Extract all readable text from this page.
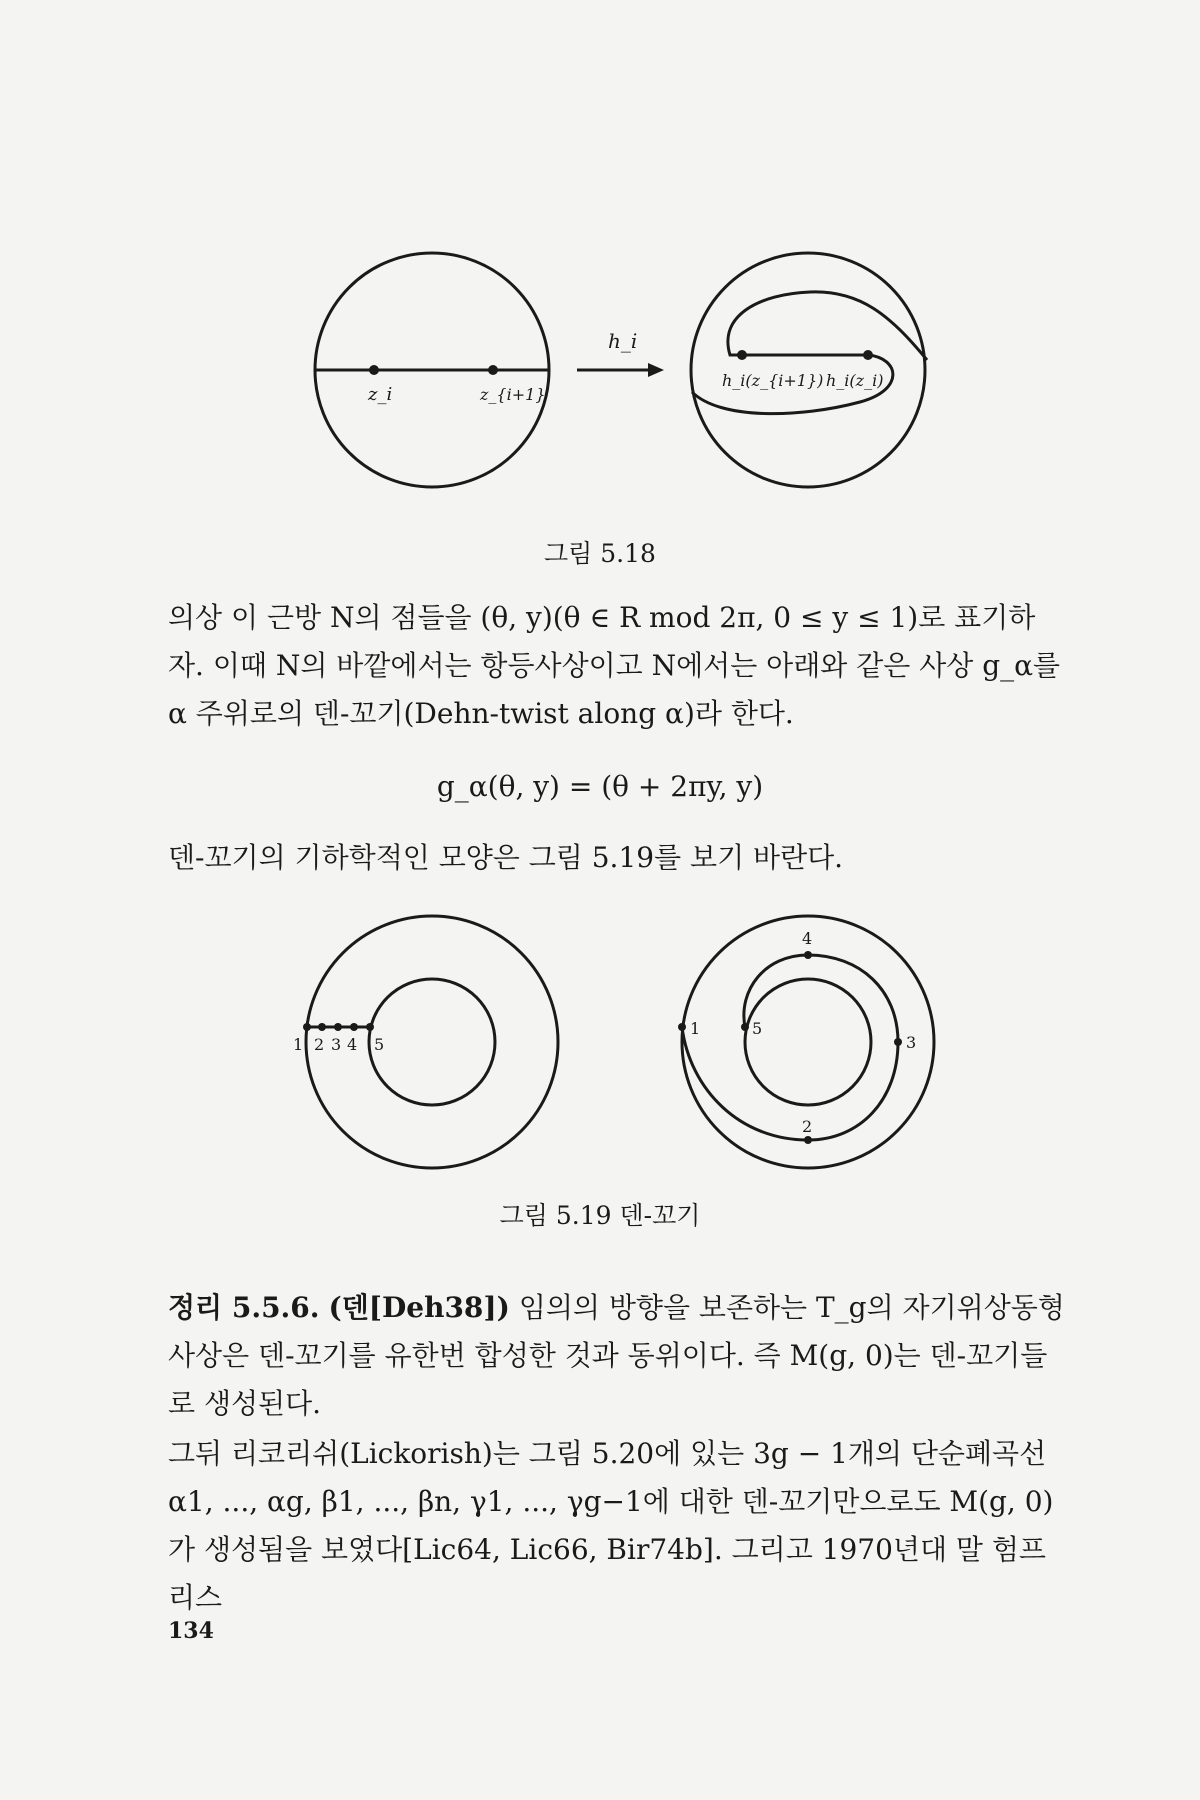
z_i	z_{i+1}
h_i
h_i(z_{i+1}) h_i(z_i)
그림 5.18

의상 이 근방 N의 점들을 (θ, y)(θ ∈ R mod 2π, 0 ≤ y ≤ 1)로 표기하자. 이때 N의 바깥에서는 항등사상이고 N에서는 아래와 같은 사상 g_α를 α 주위로의 덴-꼬기(Dehn-twist along α)라 한다.

g_α(θ, y) = (θ + 2πy, y)

덴-꼬기의 기하학적인 모양은 그림 5.19를 보기 바란다.

1 2 3 4 5
1
2
3
4
5
그림 5.19 덴-꼬기

정리 5.5.6. (덴[Deh38]) 임의의 방향을 보존하는 T_g의 자기위상동형사상은 덴-꼬기를 유한번 합성한 것과 동위이다. 즉 M(g, 0)는 덴-꼬기들로 생성된다.

그뒤 리코리쉬(Lickorish)는 그림 5.20에 있는 3g − 1개의 단순폐곡선 α1, ..., αg, β1, ..., βn, γ1, ..., γg−1에 대한 덴-꼬기만으로도 M(g, 0)가 생성됨을 보였다[Lic64, Lic66, Bir74b]. 그리고 1970년대 말 험프리스

134
